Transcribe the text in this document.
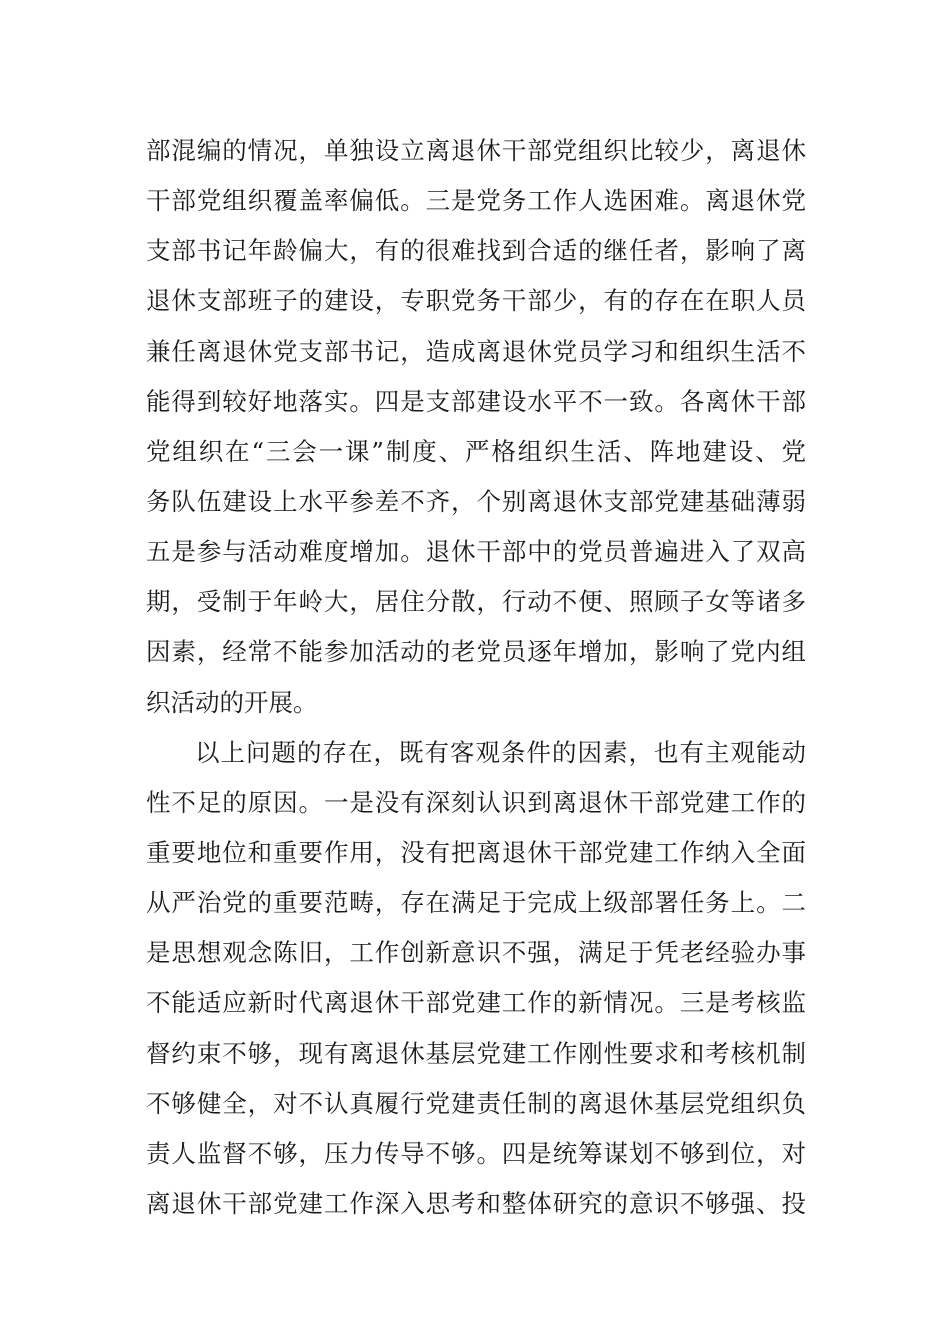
部混编的情况，单独设立离退休干部党组织比较少，离退休
干部党组织覆盖率偏低。三是党务工作人选困难。离退休党
支部书记年龄偏大，有的很难找到合适的继任者，影响了离
退休支部班子的建设，专职党务干部少，有的存在在职人员
兼任离退休党支部书记，造成离退休党员学习和组织生活不
能得到较好地落实。四是支部建设水平不一致。各离休干部
党组织在“三会一课”制度、严格组织生活、阵地建设、党
务队伍建设上水平参差不齐，个别离退休支部党建基础薄弱
五是参与活动难度增加。退休干部中的党员普遍进入了双高
期，受制于年岭大，居住分散，行动不便、照顾子女等诸多
因素，经常不能参加活动的老党员逐年增加，影响了党内组
织活动的开展。
以上问题的存在，既有客观条件的因素，也有主观能动
性不足的原因。一是没有深刻认识到离退休干部党建工作的
重要地位和重要作用，没有把离退休干部党建工作纳入全面
从严治党的重要范畴，存在满足于完成上级部署任务上。二
是思想观念陈旧，工作创新意识不强，满足于凭老经验办事
不能适应新时代离退休干部党建工作的新情况。三是考核监
督约束不够，现有离退休基层党建工作刚性要求和考核机制
不够健全，对不认真履行党建责任制的离退休基层党组织负
责人监督不够，压力传导不够。四是统筹谋划不够到位，对
离退休干部党建工作深入思考和整体研究的意识不够强、投
